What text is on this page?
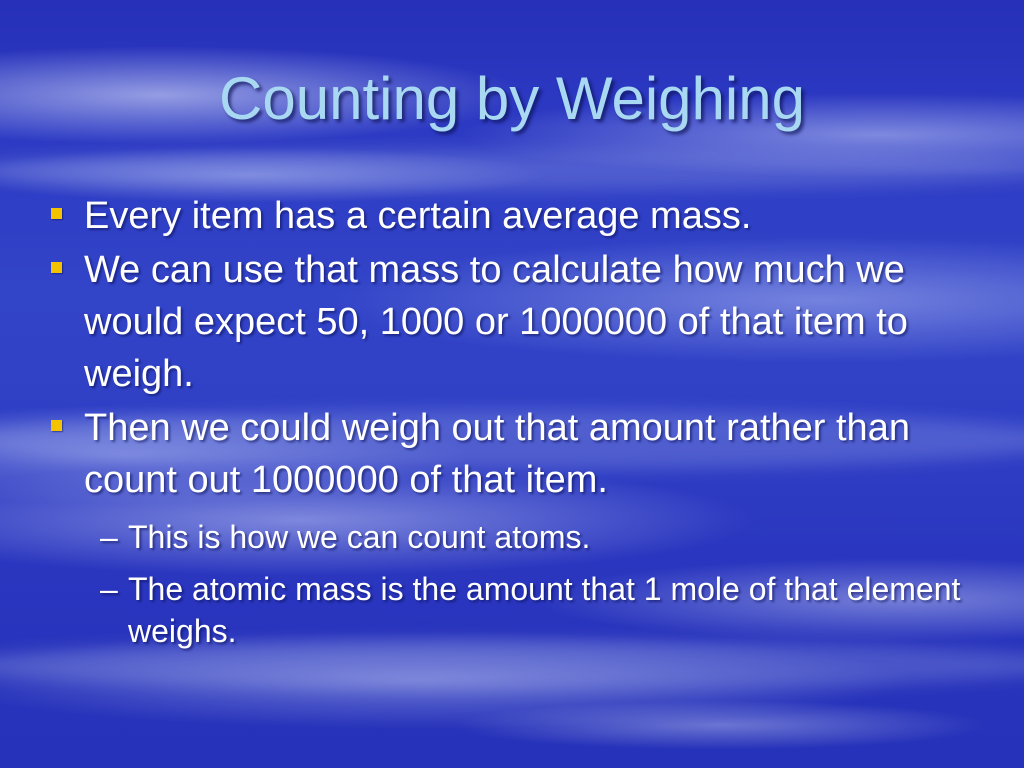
Counting by Weighing
Every item has a certain average mass.
We can use that mass to calculate how much we would expect 50, 1000 or 1000000 of that item to weigh.
Then we could weigh out that amount rather than count out 1000000 of that item.
– This is how we can count atoms.
– The atomic mass is the amount that 1 mole of that element weighs.
